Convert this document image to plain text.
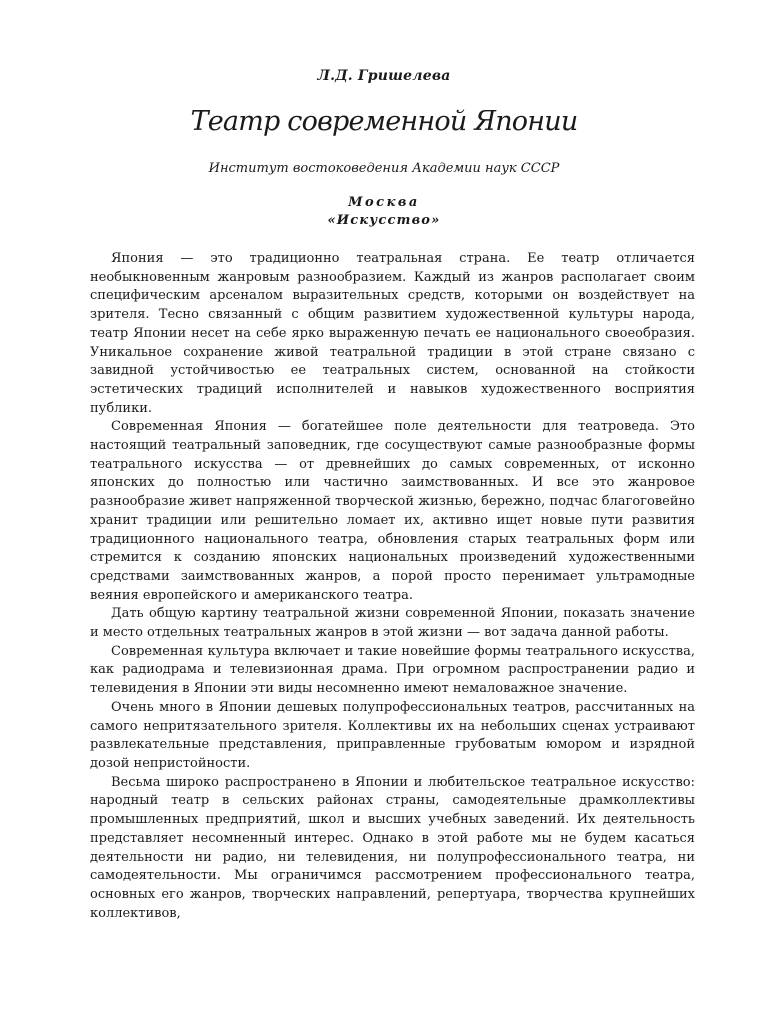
Л.Д. Гришелева
Театр современной Японии
Институт востоковедения Академии наук СССР
Москва
«Искусство»

Япония — это традиционно театральная страна. Ее театр отличается необыкновенным жанровым разнообразием. Каждый из жанров располагает своим специфическим арсеналом выразительных средств, которыми он воздействует на зрителя. Тесно связанный с общим развитием художественной культуры народа, театр Японии несет на себе ярко выраженную печать ее национального своеобразия. Уникальное сохранение живой театральной традиции в этой стране связано с завидной устойчивостью ее театральных систем, основанной на стойкости эстетических традиций исполнителей и навыков художественного восприятия публики.

Современная Япония — богатейшее поле деятельности для театроведа. Это настоящий театральный заповедник, где сосуществуют самые разнообразные формы театрального искусства — от древнейших до самых современных, от исконно японских до полностью или частично заимствованных. И все это жанровое разнообразие живет напряженной творческой жизнью, бережно, подчас благоговейно хранит традиции или решительно ломает их, активно ищет новые пути развития традиционного национального театра, обновления старых театральных форм или стремится к созданию японских национальных произведений художественными средствами заимствованных жанров, а порой просто перенимает ультрамодные веяния европейского и американского театра.

Дать общую картину театральной жизни современной Японии, показать значение и место отдельных театральных жанров в этой жизни — вот задача данной работы.

Современная культура включает и такие новейшие формы театрального искусства, как радиодрама и телевизионная драма. При огромном распространении радио и телевидения в Японии эти виды несомненно имеют немаловажное значение.

Очень много в Японии дешевых полупрофессиональных театров, рассчитанных на самого непритязательного зрителя. Коллективы их на небольших сценах устраивают развлекательные представления, приправленные грубоватым юмором и изрядной дозой непристойности.

Весьма широко распространено в Японии и любительское театральное искусство: народный театр в сельских районах страны, самодеятельные драмколлективы промышленных предприятий, школ и высших учебных заведений. Их деятельность представляет несомненный интерес. Однако в этой работе мы не будем касаться деятельности ни радио, ни телевидения, ни полупрофессионального театра, ни самодеятельности. Мы ограничимся рассмотрением профессионального театра, основных его жанров, творческих направлений, репертуара, творчества крупнейших коллективов,
